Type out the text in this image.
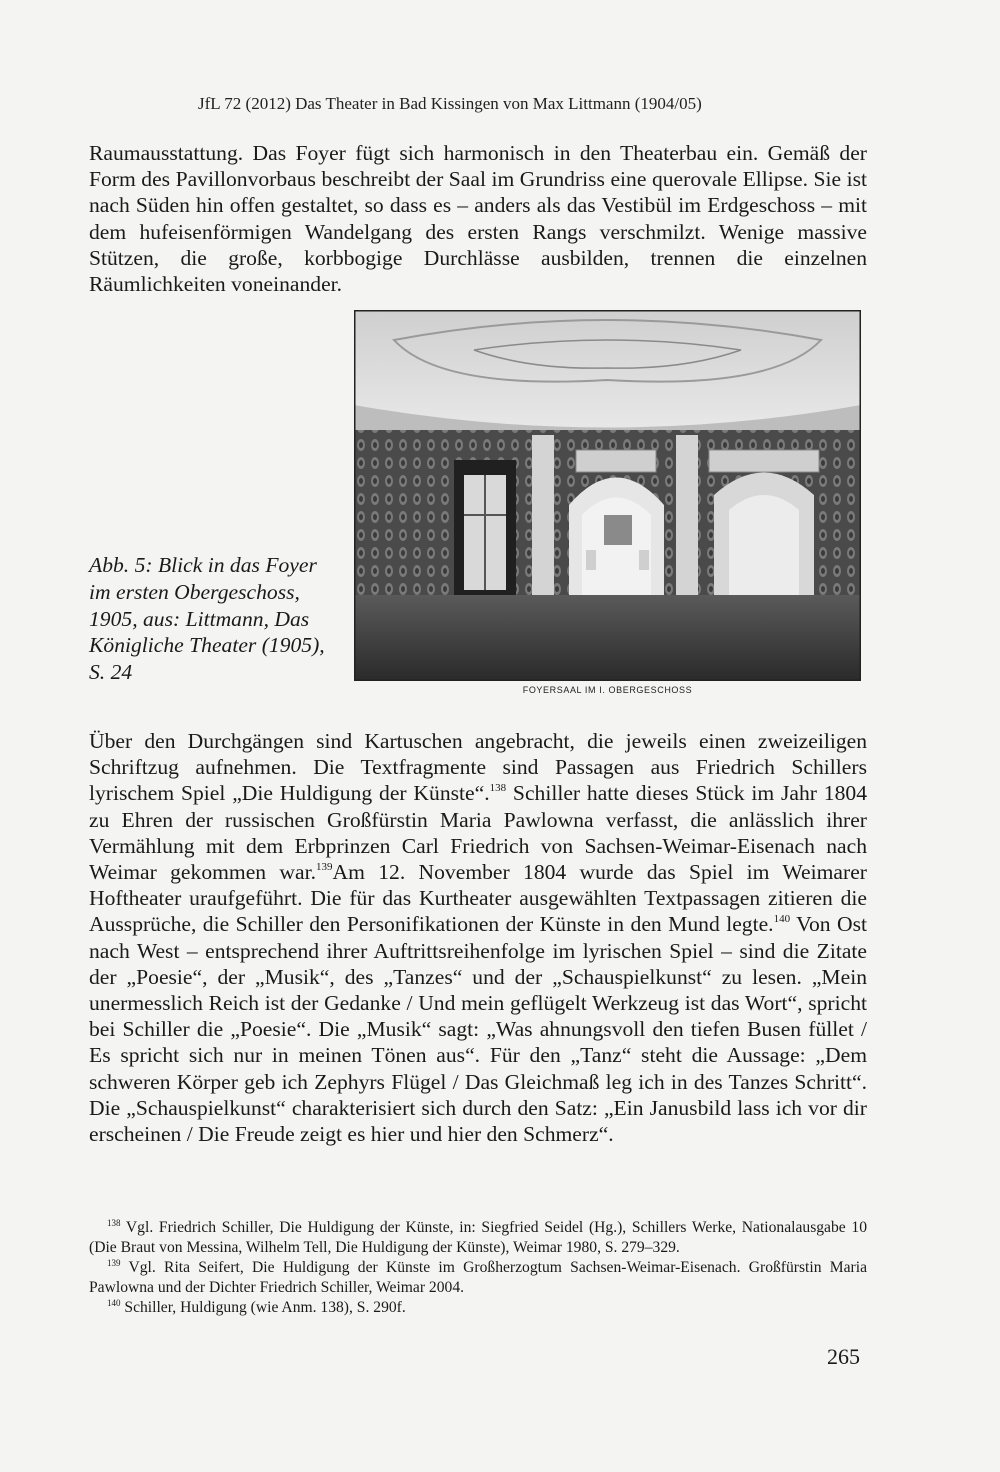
JfL 72 (2012) Das Theater in Bad Kissingen von Max Littmann (1904/05)

Raumausstattung. Das Foyer fügt sich harmonisch in den Theaterbau ein. Gemäß der Form des Pavillonvorbaus beschreibt der Saal im Grundriss eine querovale Ellipse. Sie ist nach Süden hin offen gestaltet, so dass es – anders als das Vestibül im Erdgeschoss – mit dem hufeisenförmigen Wandelgang des ersten Rangs verschmilzt. Wenige massive Stützen, die große, korbbogige Durchlässe ausbilden, trennen die einzelnen Räumlichkeiten voneinander.

FOYERSAAL IM I. OBERGESCHOSS
Abb. 5: Blick in das Foyer im ersten Obergeschoss, 1905, aus: Littmann, Das Königliche Theater (1905), S. 24

Über den Durchgängen sind Kartuschen angebracht, die jeweils einen zweizeiligen Schriftzug aufnehmen. Die Textfragmente sind Passagen aus Friedrich Schillers lyrischem Spiel „Die Huldigung der Künste“.$^{138}$ Schiller hatte dieses Stück im Jahr 1804 zu Ehren der russischen Großfürstin Maria Pawlowna verfasst, die anlässlich ihrer Vermählung mit dem Erbprinzen Carl Friedrich von Sachsen-Weimar-Eisenach nach Weimar gekommen war.$^{139}$Am 12. November 1804 wurde das Spiel im Weimarer Hoftheater uraufgeführt. Die für das Kurtheater ausgewählten Textpassagen zitieren die Aussprüche, die Schiller den Personifikationen der Künste in den Mund legte.$^{140}$ Von Ost nach West – entsprechend ihrer Auftrittsreihenfolge im lyrischen Spiel – sind die Zitate der „Poesie“, der „Musik“, des „Tanzes“ und der „Schauspielkunst“ zu lesen. „Mein unermesslich Reich ist der Gedanke / Und mein geflügelt Werkzeug ist das Wort“, spricht bei Schiller die „Poesie“. Die „Musik“ sagt: „Was ahnungsvoll den tiefen Busen füllet / Es spricht sich nur in meinen Tönen aus“. Für den „Tanz“ steht die Aussage: „Dem schweren Körper geb ich Zephyrs Flügel / Das Gleichmaß leg ich in des Tanzes Schritt“. Die „Schauspielkunst“ charakterisiert sich durch den Satz: „Ein Janusbild lass ich vor dir erscheinen / Die Freude zeigt es hier und hier den Schmerz“.

$^{138}$ Vgl. Friedrich Schiller, Die Huldigung der Künste, in: Siegfried Seidel (Hg.), Schillers Werke, Nationalausgabe 10 (Die Braut von Messina, Wilhelm Tell, Die Huldigung der Künste), Weimar 1980, S. 279–329.

$^{139}$ Vgl. Rita Seifert, Die Huldigung der Künste im Großherzogtum Sachsen-Weimar-Eisenach. Großfürstin Maria Pawlowna und der Dichter Friedrich Schiller, Weimar 2004.

$^{140}$ Schiller, Huldigung (wie Anm. 138), S. 290f.

265
